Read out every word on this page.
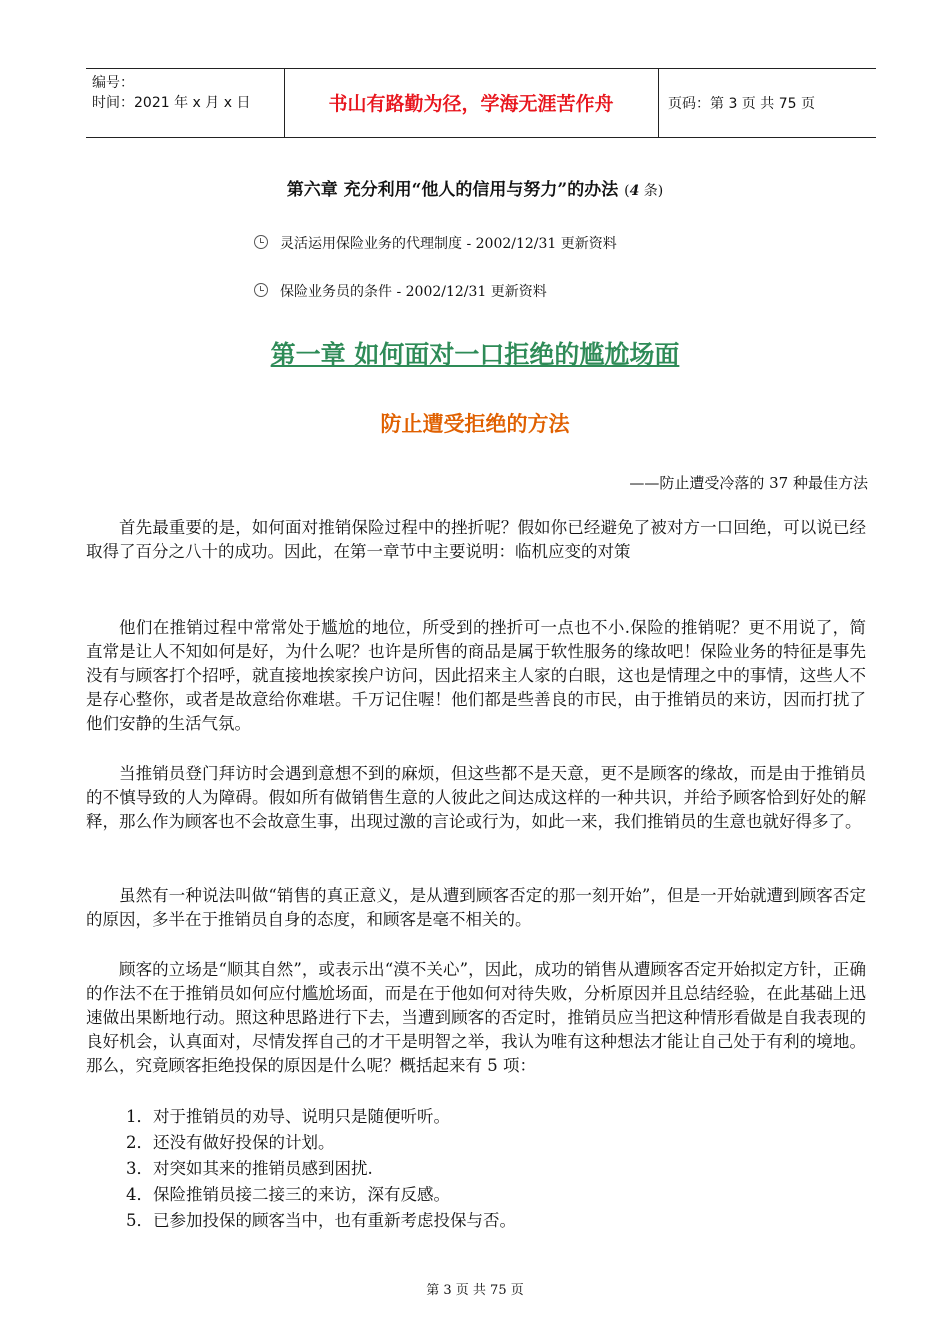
编号：
时间：2021 年 x 月 x 日	书山有路勤为径，学海无涯苦作舟	页码：第 3 页 共 75 页
第六章 充分利用“他人的信用与努力”的办法 (4 条)
灵活运用保险业务的代理制度 - 2002/12/31 更新资料
保险业务员的条件 - 2002/12/31 更新资料
第一章 如何面对一口拒绝的尴尬场面
防止遭受拒绝的方法
——防止遭受冷落的 37 种最佳方法
首先最重要的是，如何面对推销保险过程中的挫折呢？假如你已经避免了被对方一口回绝，可以说已经取得了百分之八十的成功。因此，在第一章节中主要说明：临机应变的对策
他们在推销过程中常常处于尴尬的地位，所受到的挫折可一点也不小.保险的推销呢？更不用说了，简直常是让人不知如何是好，为什么呢？也许是所售的商品是属于软性服务的缘故吧！保险业务的特征是事先没有与顾客打个招呼，就直接地挨家挨户访问，因此招来主人家的白眼，这也是情理之中的事情，这些人不是存心整你，或者是故意给你难堪。千万记住喔！他们都是些善良的市民，由于推销员的来访，因而打扰了他们安静的生活气氛。
当推销员登门拜访时会遇到意想不到的麻烦，但这些都不是天意，更不是顾客的缘故，而是由于推销员的不慎导致的人为障碍。假如所有做销售生意的人彼此之间达成这样的一种共识，并给予顾客恰到好处的解释，那么作为顾客也不会故意生事，出现过激的言论或行为，如此一来，我们推销员的生意也就好得多了。
虽然有一种说法叫做“销售的真正意义，是从遭到顾客否定的那一刻开始”，但是一开始就遭到顾客否定的原因，多半在于推销员自身的态度，和顾客是毫不相关的。
顾客的立场是“顺其自然”，或表示出“漠不关心”，因此，成功的销售从遭顾客否定开始拟定方针，正确的作法不在于推销员如何应付尴尬场面，而是在于他如何对待失败，分析原因并且总结经验，在此基础上迅速做出果断地行动。照这种思路进行下去，当遭到顾客的否定时，推销员应当把这种情形看做是自我表现的良好机会，认真面对，尽情发挥自己的才干是明智之举，我认为唯有这种想法才能让自己处于有利的境地。那么，究竟顾客拒绝投保的原因是什么呢？概括起来有 5 项：
1．对于推销员的劝导、说明只是随便听听。
2．还没有做好投保的计划。
3．对突如其来的推销员感到困扰.
4．保险推销员接二接三的来访，深有反感。
5．已参加投保的顾客当中，也有重新考虑投保与否。
第 3 页 共 75 页
